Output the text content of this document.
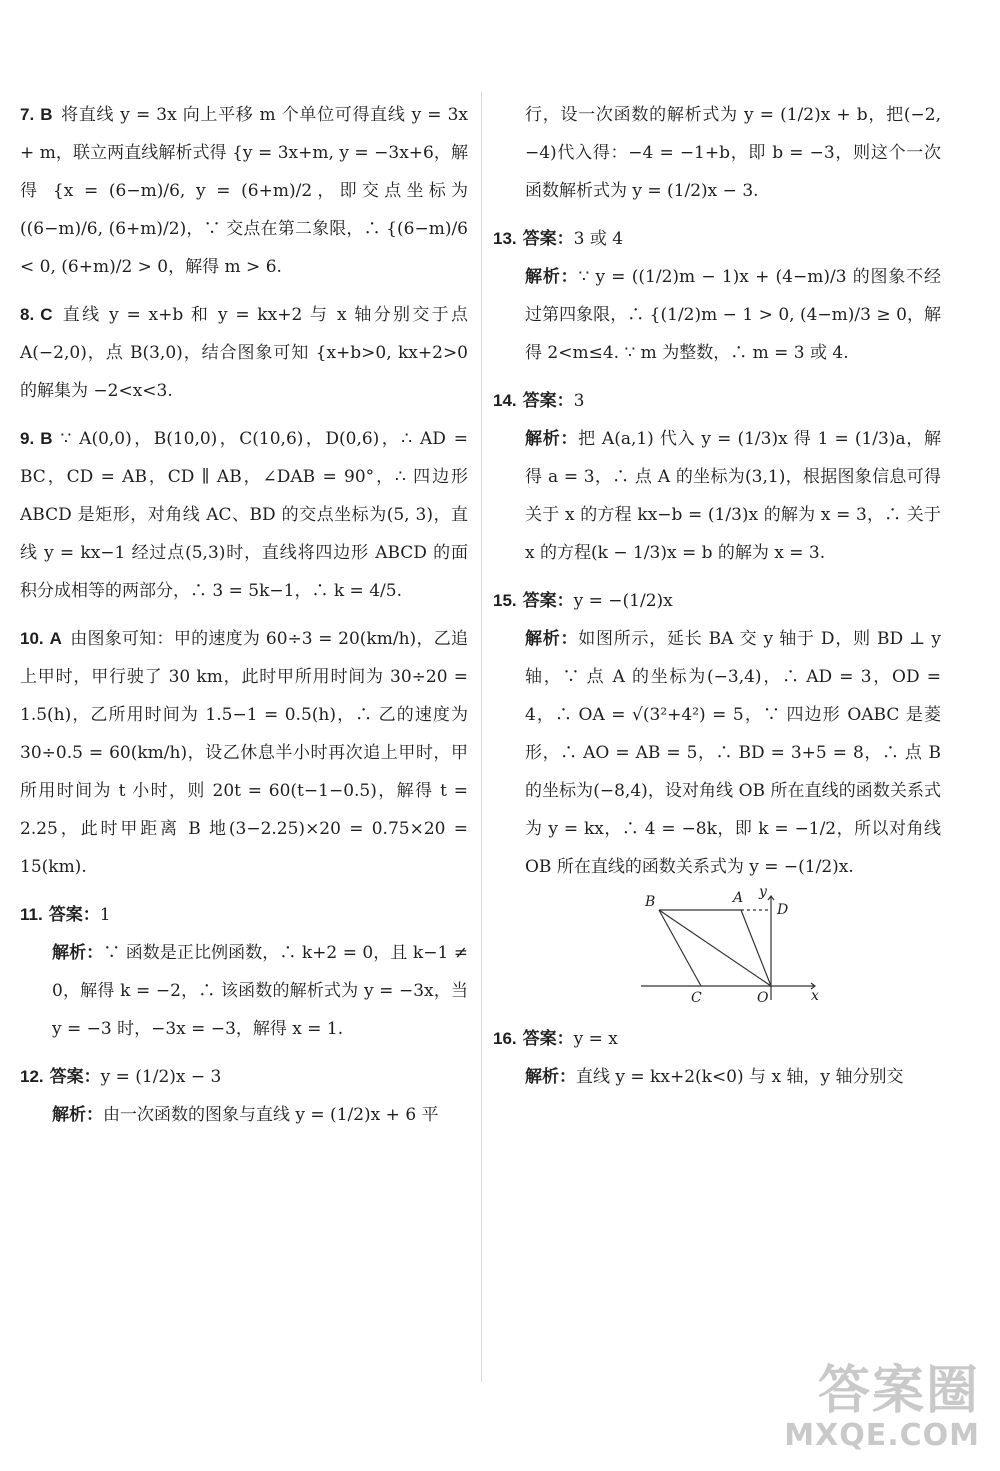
7. B 将直线 y = 3x 向上平移 m 个单位可得直线 y = 3x + m，联立两直线解析式得 {y = 3x+m, y = −3x+6，解得 {x = (6−m)/6, y = (6+m)/2，即交点坐标为((6−m)/6, (6+m)/2)，∵ 交点在第二象限，∴ {(6−m)/6 < 0, (6+m)/2 > 0，解得 m > 6.
8. C 直线 y = x+b 和 y = kx+2 与 x 轴分别交于点 A(−2,0)，点 B(3,0)，结合图象可知 {x+b>0, kx+2>0 的解集为 −2<x<3.
9. B ∵ A(0,0)，B(10,0)，C(10,6)，D(0,6)，∴ AD = BC，CD = AB，CD ∥ AB，∠DAB = 90°，∴ 四边形 ABCD 是矩形，对角线 AC、BD 的交点坐标为(5, 3)，直线 y = kx−1 经过点(5,3)时，直线将四边形 ABCD 的面积分成相等的两部分，∴ 3 = 5k−1，∴ k = 4/5.
10. A 由图象可知：甲的速度为 60÷3 = 20(km/h)，乙追上甲时，甲行驶了 30 km，此时甲所用时间为 30÷20 = 1.5(h)，乙所用时间为 1.5−1 = 0.5(h)，∴ 乙的速度为 30÷0.5 = 60(km/h)，设乙休息半小时再次追上甲时，甲所用时间为 t 小时，则 20t = 60(t−1−0.5)，解得 t = 2.25，此时甲距离 B 地(3−2.25)×20 = 0.75×20 = 15(km).
11. 答案：1
解析：∵ 函数是正比例函数，∴ k+2 = 0，且 k−1 ≠ 0，解得 k = −2，∴ 该函数的解析式为 y = −3x，当 y = −3 时，−3x = −3，解得 x = 1.
12. 答案：y = (1/2)x − 3
解析：由一次函数的图象与直线 y = (1/2)x + 6 平
行，设一次函数的解析式为 y = (1/2)x + b，把(−2, −4)代入得：−4 = −1+b，即 b = −3，则这个一次函数解析式为 y = (1/2)x − 3.
13. 答案：3 或 4
解析：∵ y = ((1/2)m − 1)x + (4−m)/3 的图象不经过第四象限，∴ {(1/2)m − 1 > 0, (4−m)/3 ≥ 0，解得 2<m≤4. ∵ m 为整数，∴ m = 3 或 4.
14. 答案：3
解析：把 A(a,1) 代入 y = (1/3)x 得 1 = (1/3)a，解得 a = 3，∴ 点 A 的坐标为(3,1)，根据图象信息可得关于 x 的方程 kx−b = (1/3)x 的解为 x = 3，∴ 关于 x 的方程(k − 1/3)x = b 的解为 x = 3.
15. 答案：y = −(1/2)x
解析：如图所示，延长 BA 交 y 轴于 D，则 BD ⊥ y 轴，∵ 点 A 的坐标为(−3,4)，∴ AD = 3，OD = 4，∴ OA = √(3²+4²) = 5，∵ 四边形 OABC 是菱形，∴ AO = AB = 5，∴ BD = 3+5 = 8，∴ 点 B 的坐标为(−8,4)，设对角线 OB 所在直线的函数关系式为 y = kx，∴ 4 = −8k，即 k = −1/2，所以对角线 OB 所在直线的函数关系式为 y = −(1/2)x.
B	A y
D
C	O	x
16. 答案：y = x
解析：直线 y = kx+2(k<0) 与 x 轴，y 轴分别交
答案圈
MXQE.COM
